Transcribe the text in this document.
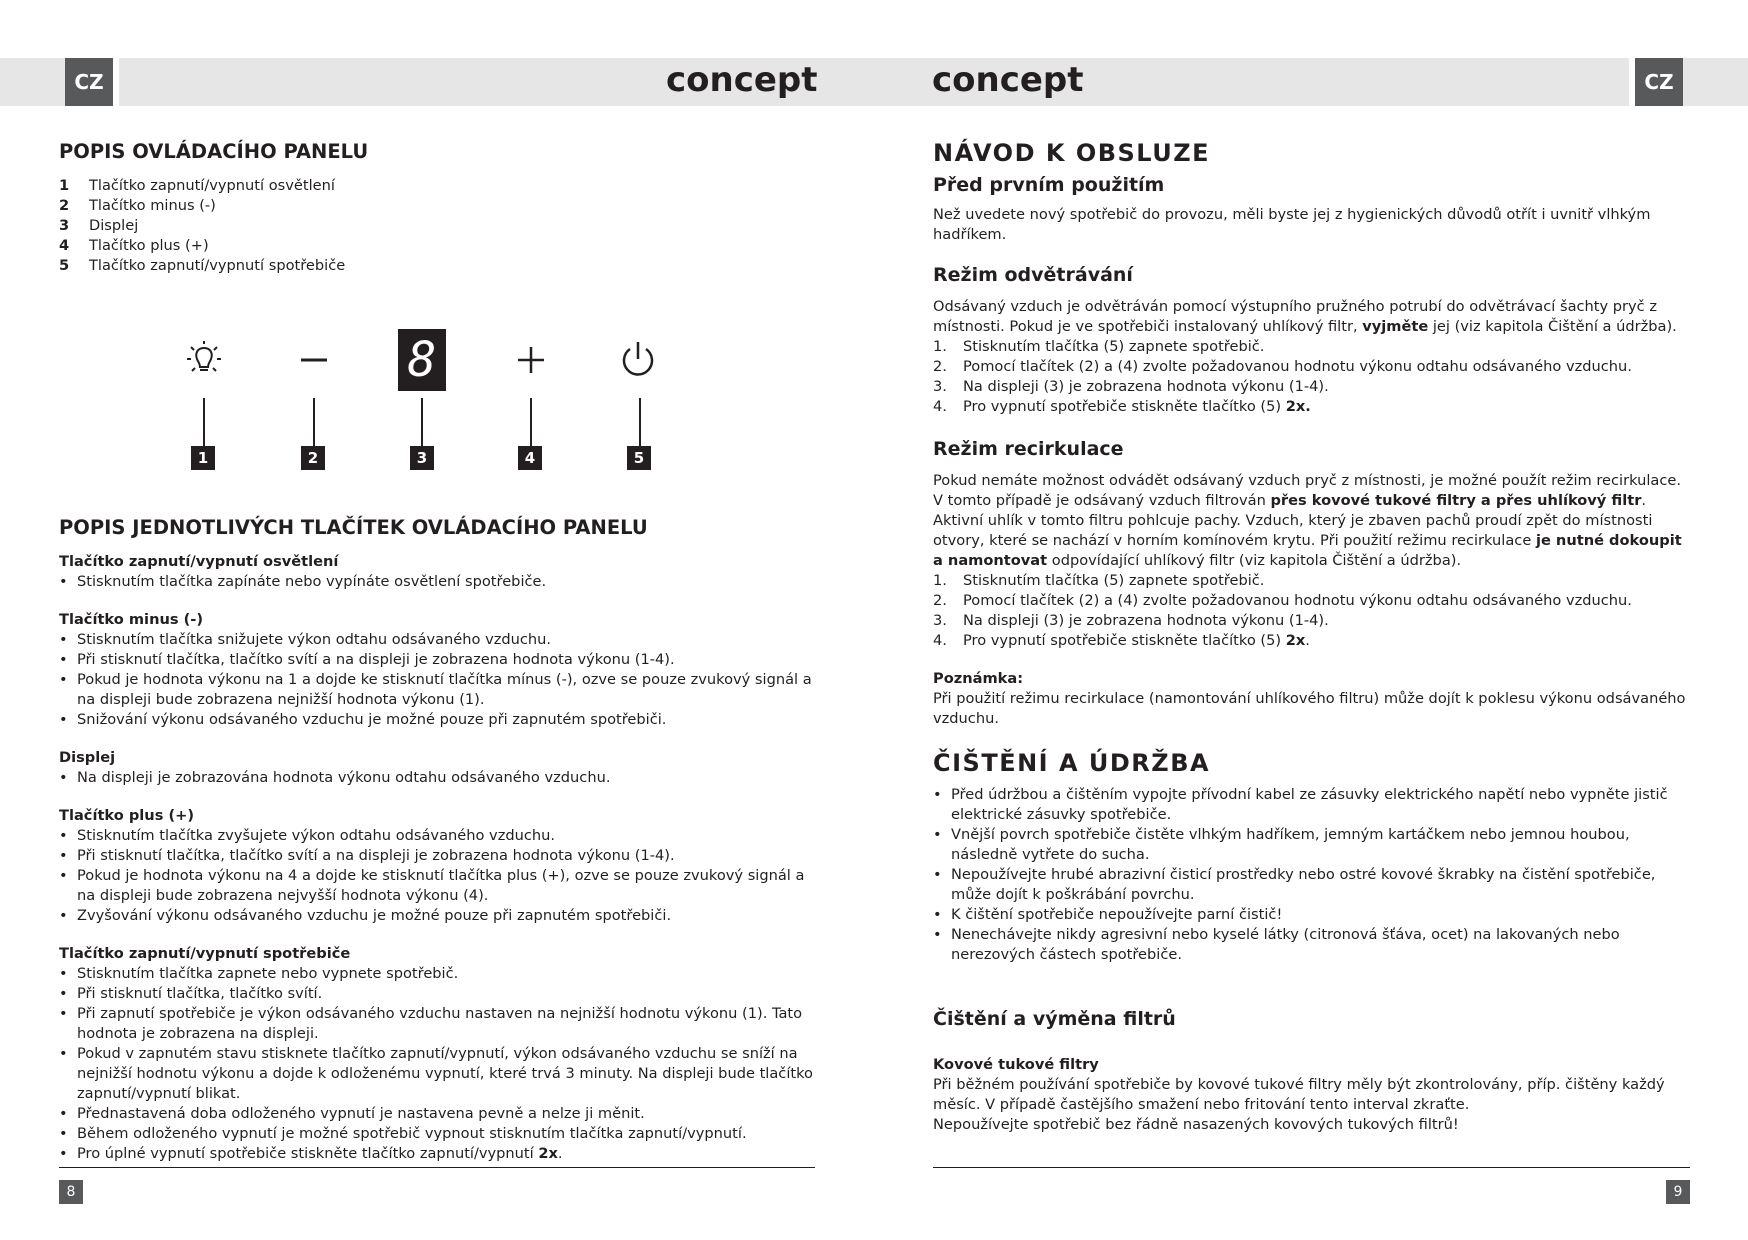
CZ	CZ
concept	concept
POPIS OVLÁDACÍHO PANELU
1 Tlačítko zapnutí/vypnutí osvětlení
2 Tlačítko minus (-)
3 Displej
4 Tlačítko plus (+)
5 Tlačítko zapnutí/vypnutí spotřebiče
8
1	2	3	4	5
POPIS JEDNOTLIVÝCH TLAČÍTEK OVLÁDACÍHO PANELU

Tlačítko zapnutí/vypnutí osvětlení

• Stisknutím tlačítka zapínáte nebo vypínáte osvětlení spotřebiče.

Tlačítko minus (-)

• Stisknutím tlačítka snižujete výkon odtahu odsávaného vzduchu.
• Při stisknutí tlačítka, tlačítko svítí a na displeji je zobrazena hodnota výkonu (1-4).
• Pokud je hodnota výkonu na 1 a dojde ke stisknutí tlačítka mínus (-), ozve se pouze zvukový signál a na displeji bude zobrazena nejnižší hodnota výkonu (1).
• Snižování výkonu odsávaného vzduchu je možné pouze při zapnutém spotřebiči.

Displej

• Na displeji je zobrazována hodnota výkonu odtahu odsávaného vzduchu.

Tlačítko plus (+)

• Stisknutím tlačítka zvyšujete výkon odtahu odsávaného vzduchu.
• Při stisknutí tlačítka, tlačítko svítí a na displeji je zobrazena hodnota výkonu (1-4).
• Pokud je hodnota výkonu na 4 a dojde ke stisknutí tlačítka plus (+), ozve se pouze zvukový signál a na displeji bude zobrazena nejvyšší hodnota výkonu (4).
• Zvyšování výkonu odsávaného vzduchu je možné pouze při zapnutém spotřebiči.

Tlačítko zapnutí/vypnutí spotřebiče

• Stisknutím tlačítka zapnete nebo vypnete spotřebič.
• Při stisknutí tlačítka, tlačítko svítí.
• Při zapnutí spotřebiče je výkon odsávaného vzduchu nastaven na nejnižší hodnotu výkonu (1). Tato hodnota je zobrazena na displeji.
• Pokud v zapnutém stavu stisknete tlačítko zapnutí/vypnutí, výkon odsávaného vzduchu se sníží na nejnižší hodnotu výkonu a dojde k odloženému vypnutí, které trvá 3 minuty. Na displeji bude tlačítko zapnutí/vypnutí blikat.
• Přednastavená doba odloženého vypnutí je nastavena pevně a nelze ji měnit.
• Během odloženého vypnutí je možné spotřebič vypnout stisknutím tlačítka zapnutí/vypnutí.
• Pro úplné vypnutí spotřebiče stiskněte tlačítko zapnutí/vypnutí 2x.
8
NÁVOD K OBSLUZE
Před prvním použitím

Než uvedete nový spotřebič do provozu, měli byste jej z hygienických důvodů otřít i uvnitř vlhkým hadříkem.

Režim odvětrávání

Odsávaný vzduch je odvětráván pomocí výstupního pružného potrubí do odvětrávací šachty pryč z místnosti. Pokud je ve spotřebiči instalovaný uhlíkový filtr, vyjměte jej (viz kapitola Čištění a údržba).

1. Stisknutím tlačítka (5) zapnete spotřebič.
2. Pomocí tlačítek (2) a (4) zvolte požadovanou hodnotu výkonu odtahu odsávaného vzduchu.
3. Na displeji (3) je zobrazena hodnota výkonu (1-4).
4. Pro vypnutí spotřebiče stiskněte tlačítko (5) 2x.
Režim recirkulace

Pokud nemáte možnost odvádět odsávaný vzduch pryč z místnosti, je možné použít režim recirkulace. V tomto případě je odsávaný vzduch filtrován přes kovové tukové filtry a přes uhlíkový filtr. Aktivní uhlík v tomto filtru pohlcuje pachy. Vzduch, který je zbaven pachů proudí zpět do místnosti otvory, které se nachází v horním komínovém krytu. Při použití režimu recirkulace je nutné dokoupit a namontovat odpovídající uhlíkový filtr (viz kapitola Čištění a údržba).

1. Stisknutím tlačítka (5) zapnete spotřebič.
2. Pomocí tlačítek (2) a (4) zvolte požadovanou hodnotu výkonu odtahu odsávaného vzduchu.
3. Na displeji (3) je zobrazena hodnota výkonu (1-4).
4. Pro vypnutí spotřebiče stiskněte tlačítko (5) 2x.

Poznámka:

Při použití režimu recirkulace (namontování uhlíkového filtru) může dojít k poklesu výkonu odsávaného vzduchu.

ČIŠTĚNÍ A ÚDRŽBA
• Před údržbou a čištěním vypojte přívodní kabel ze zásuvky elektrického napětí nebo vypněte jistič elektrické zásuvky spotřebiče.
• Vnější povrch spotřebiče čistěte vlhkým hadříkem, jemným kartáčkem nebo jemnou houbou, následně vytřete do sucha.
• Nepoužívejte hrubé abrazivní čisticí prostředky nebo ostré kovové škrabky na čistění spotřebiče, může dojít k poškrábání povrchu.
• K čištění spotřebiče nepoužívejte parní čistič!
• Nenechávejte nikdy agresivní nebo kyselé látky (citronová šťáva, ocet) na lakovaných nebo nerezových částech spotřebiče.
Čištění a výměna filtrů

Kovové tukové filtry

Při běžném používání spotřebiče by kovové tukové filtry měly být zkontrolovány, příp. čištěny každý měsíc. V případě častějšího smažení nebo fritování tento interval zkraťte.

Nepoužívejte spotřebič bez řádně nasazených kovových tukových filtrů!

9
